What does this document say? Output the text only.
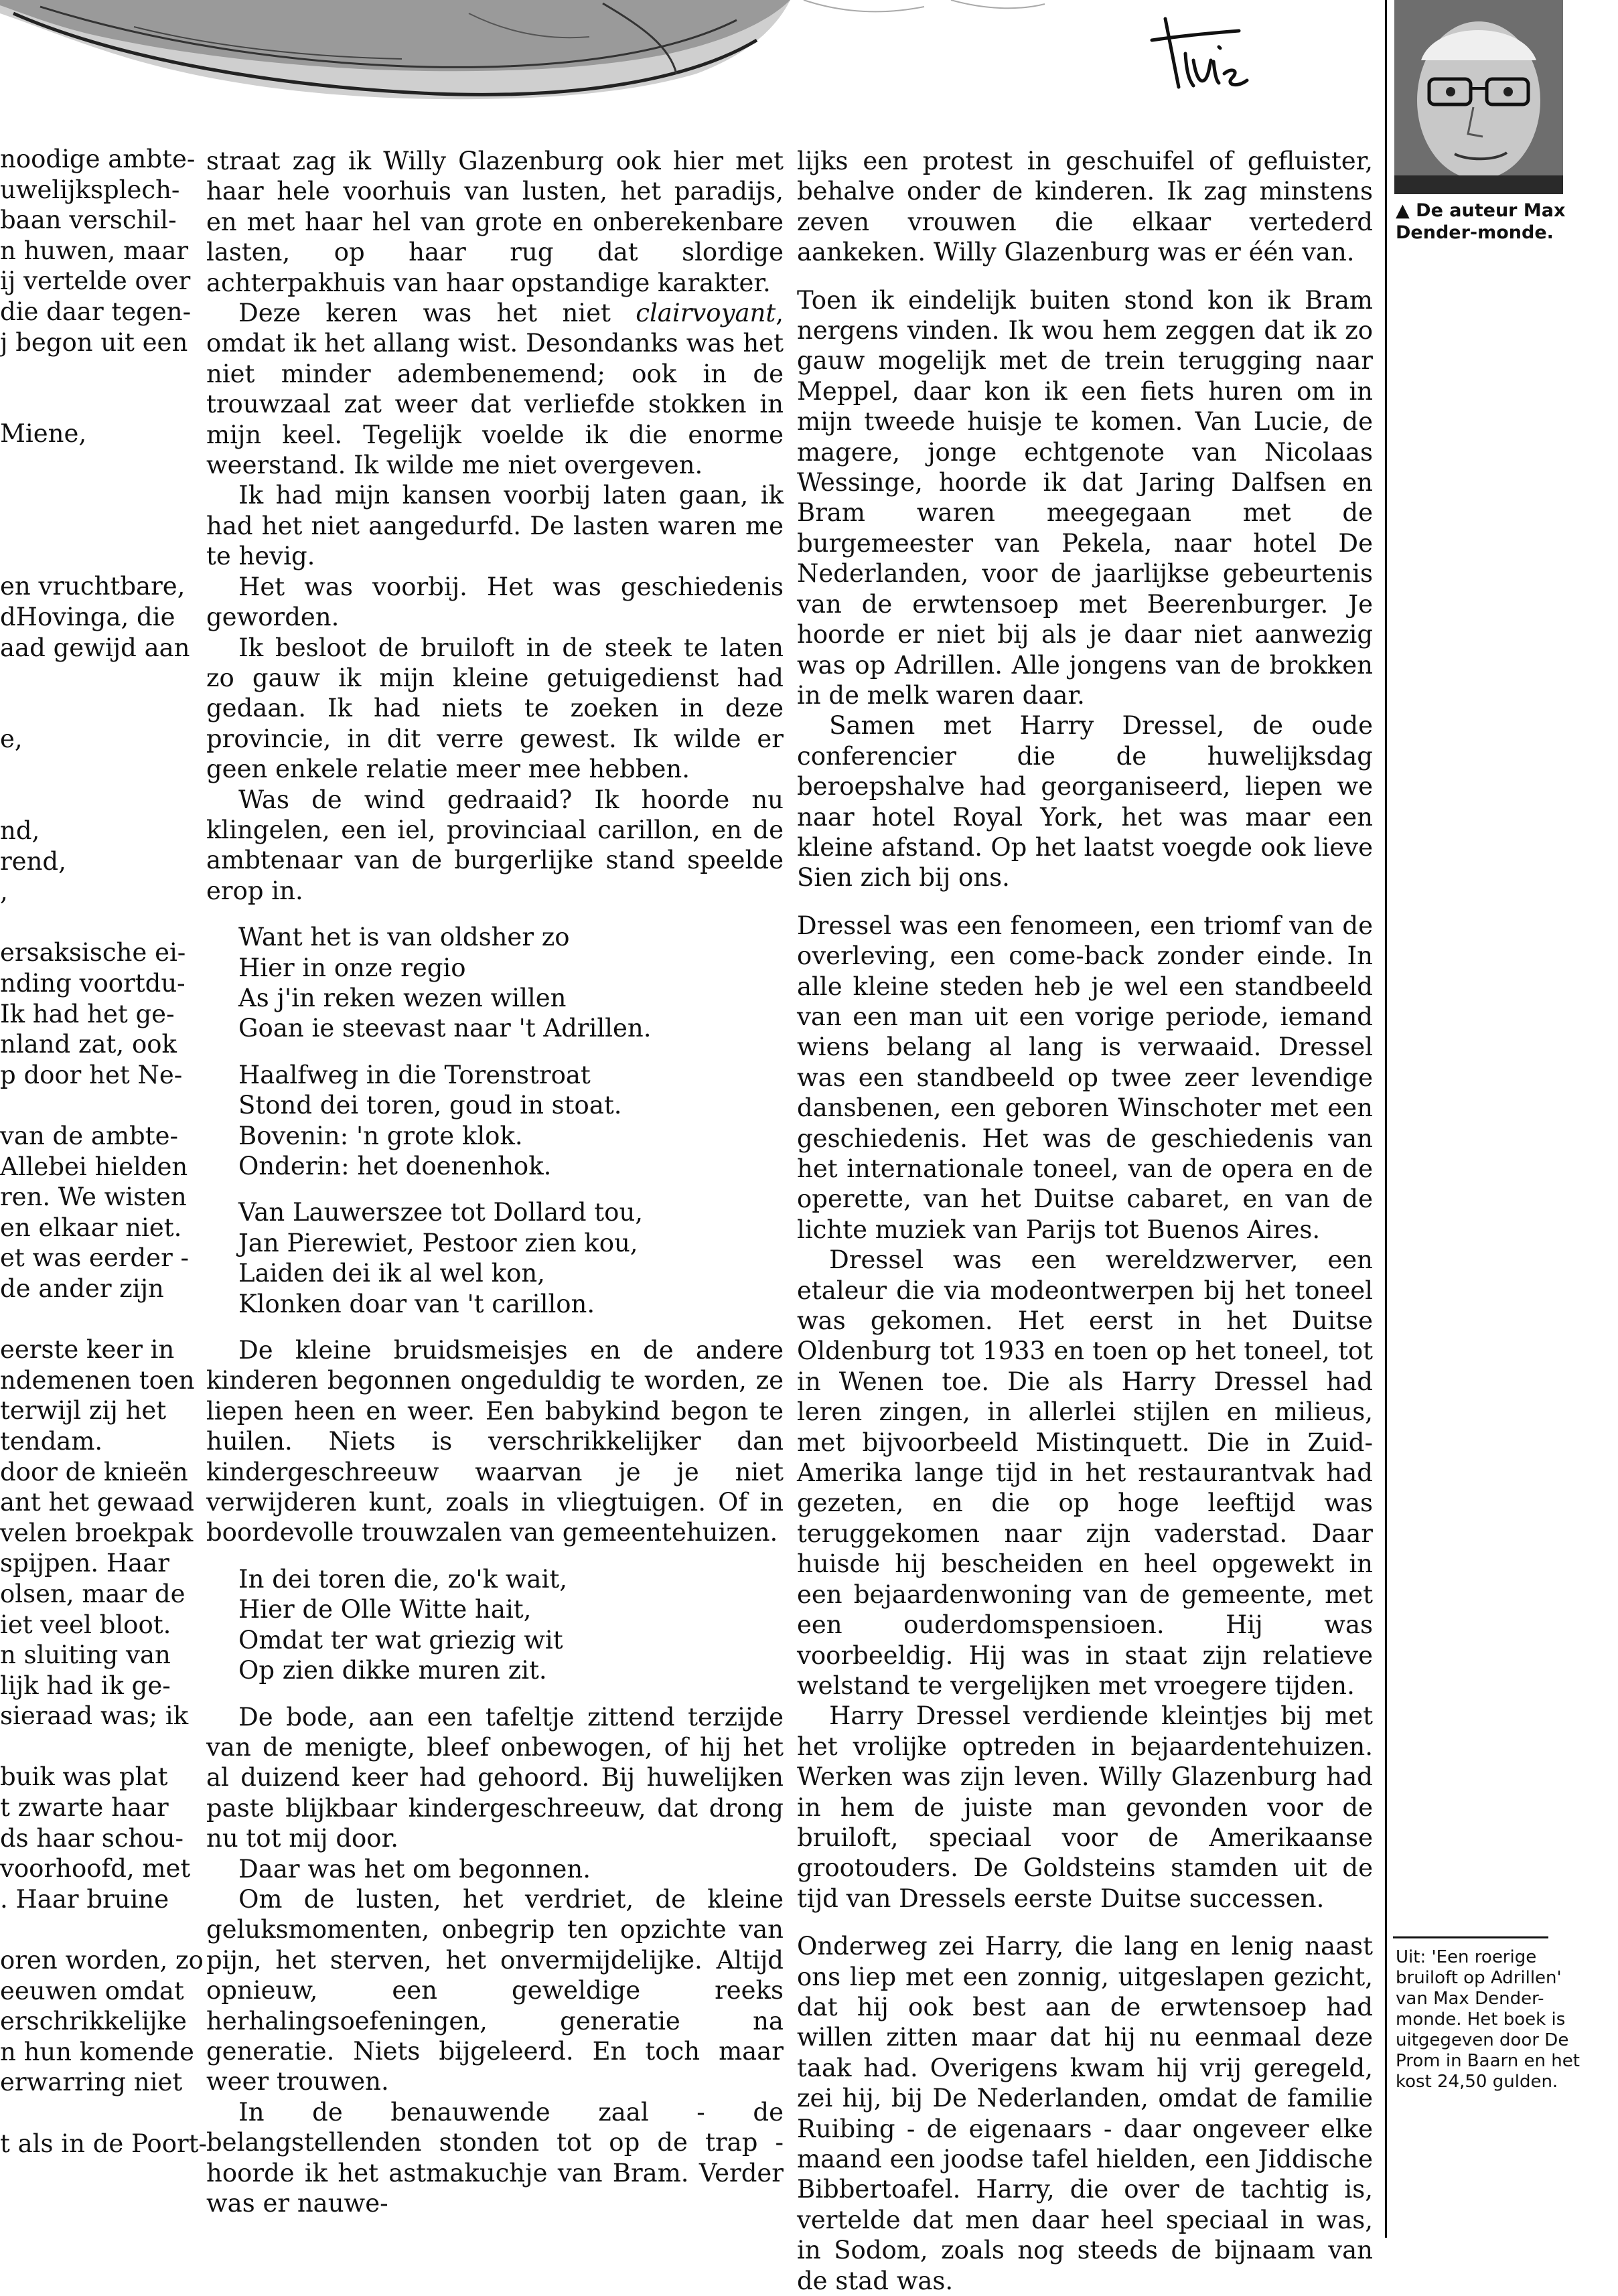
noodige ambte-
uwelijksplech-
baan verschil-
n huwen, maar
ij vertelde over
die daar tegen-
j begon uit een
Miene,
en vruchtbare,
dHovinga, die
aad gewijd aan
e,
nd,
rend,
,
ersaksische ei-
nding voortdu-
Ik had het ge-
nland zat, ook
p door het Ne-
van de ambte-
Allebei hielden
ren. We wisten
en elkaar niet.
et was eerder -
de ander zijn
eerste keer in
ndemenen toen
terwijl zij het
tendam.
door de knieën
ant het gewaad
velen broekpak
spijpen. Haar
olsen, maar de
iet veel bloot.
n sluiting van
lijk had ik ge-
sieraad was; ik
buik was plat
t zwarte haar
ds haar schou-
voorhoofd, met
. Haar bruine
oren worden, zo
eeuwen omdat
erschrikkelijke
n hun komende
erwarring niet
t als in de Poort-

straat zag ik Willy Glazenburg ook hier met haar hele voorhuis van lusten, het paradijs, en met haar hel van grote en onberekenbare lasten, op haar rug dat slordige achterpakhuis van haar opstandige karakter.

Deze keren was het niet clairvoyant, omdat ik het allang wist. Desondanks was het niet minder adembenemend; ook in de trouwzaal zat weer dat verliefde stokken in mijn keel. Tegelijk voelde ik die enorme weerstand. Ik wilde me niet overgeven.

Ik had mijn kansen voorbij laten gaan, ik had het niet aangedurfd. De lasten waren me te hevig.

Het was voorbij. Het was geschiedenis geworden.

Ik besloot de bruiloft in de steek te laten zo gauw ik mijn kleine getuigedienst had gedaan. Ik had niets te zoeken in deze provincie, in dit verre gewest. Ik wilde er geen enkele relatie meer mee hebben.

Was de wind gedraaid? Ik hoorde nu klingelen, een iel, provinciaal carillon, en de ambtenaar van de burgerlijke stand speelde erop in.

Want het is van oldsher zo
Hier in onze regio
As j'in reken wezen willen
Goan ie steevast naar 't Adrillen.
Haalfweg in die Torenstroat
Stond dei toren, goud in stoat.
Bovenin: 'n grote klok.
Onderin: het doenenhok.
Van Lauwerszee tot Dollard tou,
Jan Pierewiet, Pestoor zien kou,
Laiden dei ik al wel kon,
Klonken doar van 't carillon.

De kleine bruidsmeisjes en de andere kinderen begonnen ongeduldig te worden, ze liepen heen en weer. Een babykind begon te huilen. Niets is verschrikkelijker dan kindergeschreeuw waarvan je je niet verwijderen kunt, zoals in vliegtuigen. Of in boordevolle trouwzalen van gemeentehuizen.

In dei toren die, zo'k wait,
Hier de Olle Witte hait,
Omdat ter wat griezig wit
Op zien dikke muren zit.

De bode, aan een tafeltje zittend terzijde van de menigte, bleef onbewogen, of hij het al duizend keer had gehoord. Bij huwelijken paste blijkbaar kindergeschreeuw, dat drong nu tot mij door.

Daar was het om begonnen.

Om de lusten, het verdriet, de kleine geluksmomenten, onbegrip ten opzichte van pijn, het sterven, het onvermijdelijke. Altijd opnieuw, een geweldige reeks herhalingsoefeningen, generatie na generatie. Niets bijgeleerd. En toch maar weer trouwen.

In de benauwende zaal - de belangstellenden stonden tot op de trap - hoorde ik het astmakuchje van Bram. Verder was er nauwe-

lijks een protest in geschuifel of gefluister, behalve onder de kinderen. Ik zag minstens zeven vrouwen die elkaar vertederd aankeken. Willy Glazenburg was er één van.

Toen ik eindelijk buiten stond kon ik Bram nergens vinden. Ik wou hem zeggen dat ik zo gauw mogelijk met de trein terugging naar Meppel, daar kon ik een fiets huren om in mijn tweede huisje te komen. Van Lucie, de magere, jonge echtgenote van Nicolaas Wessinge, hoorde ik dat Jaring Dalfsen en Bram waren meegegaan met de burgemeester van Pekela, naar hotel De Nederlanden, voor de jaarlijkse gebeurtenis van de erwtensoep met Beerenburger. Je hoorde er niet bij als je daar niet aanwezig was op Adrillen. Alle jongens van de brokken in de melk waren daar.

Samen met Harry Dressel, de oude conferencier die de huwelijksdag beroepshalve had georganiseerd, liepen we naar hotel Royal York, het was maar een kleine afstand. Op het laatst voegde ook lieve Sien zich bij ons.

Dressel was een fenomeen, een triomf van de overleving, een come-back zonder einde. In alle kleine steden heb je wel een standbeeld van een man uit een vorige periode, iemand wiens belang al lang is verwaaid. Dressel was een standbeeld op twee zeer levendige dansbenen, een geboren Winschoter met een geschiedenis. Het was de geschiedenis van het internationale toneel, van de opera en de operette, van het Duitse cabaret, en van de lichte muziek van Parijs tot Buenos Aires.

Dressel was een wereldzwerver, een etaleur die via modeontwerpen bij het toneel was gekomen. Het eerst in het Duitse Oldenburg tot 1933 en toen op het toneel, tot in Wenen toe. Die als Harry Dressel had leren zingen, in allerlei stijlen en milieus, met bijvoorbeeld Mistinquett. Die in Zuid-Amerika lange tijd in het restaurantvak had gezeten, en die op hoge leeftijd was teruggekomen naar zijn vaderstad. Daar huisde hij bescheiden en heel opgewekt in een bejaardenwoning van de gemeente, met een ouderdomspensioen. Hij was voorbeeldig. Hij was in staat zijn relatieve welstand te vergelijken met vroegere tijden.

Harry Dressel verdiende kleintjes bij met het vrolijke optreden in bejaardentehuizen. Werken was zijn leven. Willy Glazenburg had in hem de juiste man gevonden voor de bruiloft, speciaal voor de Amerikaanse grootouders. De Goldsteins stamden uit de tijd van Dressels eerste Duitse successen.

Onderweg zei Harry, die lang en lenig naast ons liep met een zonnig, uitgeslapen gezicht, dat hij ook best aan de erwtensoep had willen zitten maar dat hij nu eenmaal deze taak had. Overigens kwam hij vrij geregeld, zei hij, bij De Nederlanden, omdat de familie Ruibing - de eigenaars - daar ongeveer elke maand een joodse tafel hielden, een Jiddische Bibbertoafel. Harry, die over de tachtig is, vertelde dat men daar heel speciaal in was, in Sodom, zoals nog steeds de bijnaam van de stad was.

▲ De auteur Max Dender-monde.
Uit: 'Een roerige bruiloft op Adrillen' van Max Dender-monde. Het boek is uitgegeven door De Prom in Baarn en het kost 24,50 gulden.
